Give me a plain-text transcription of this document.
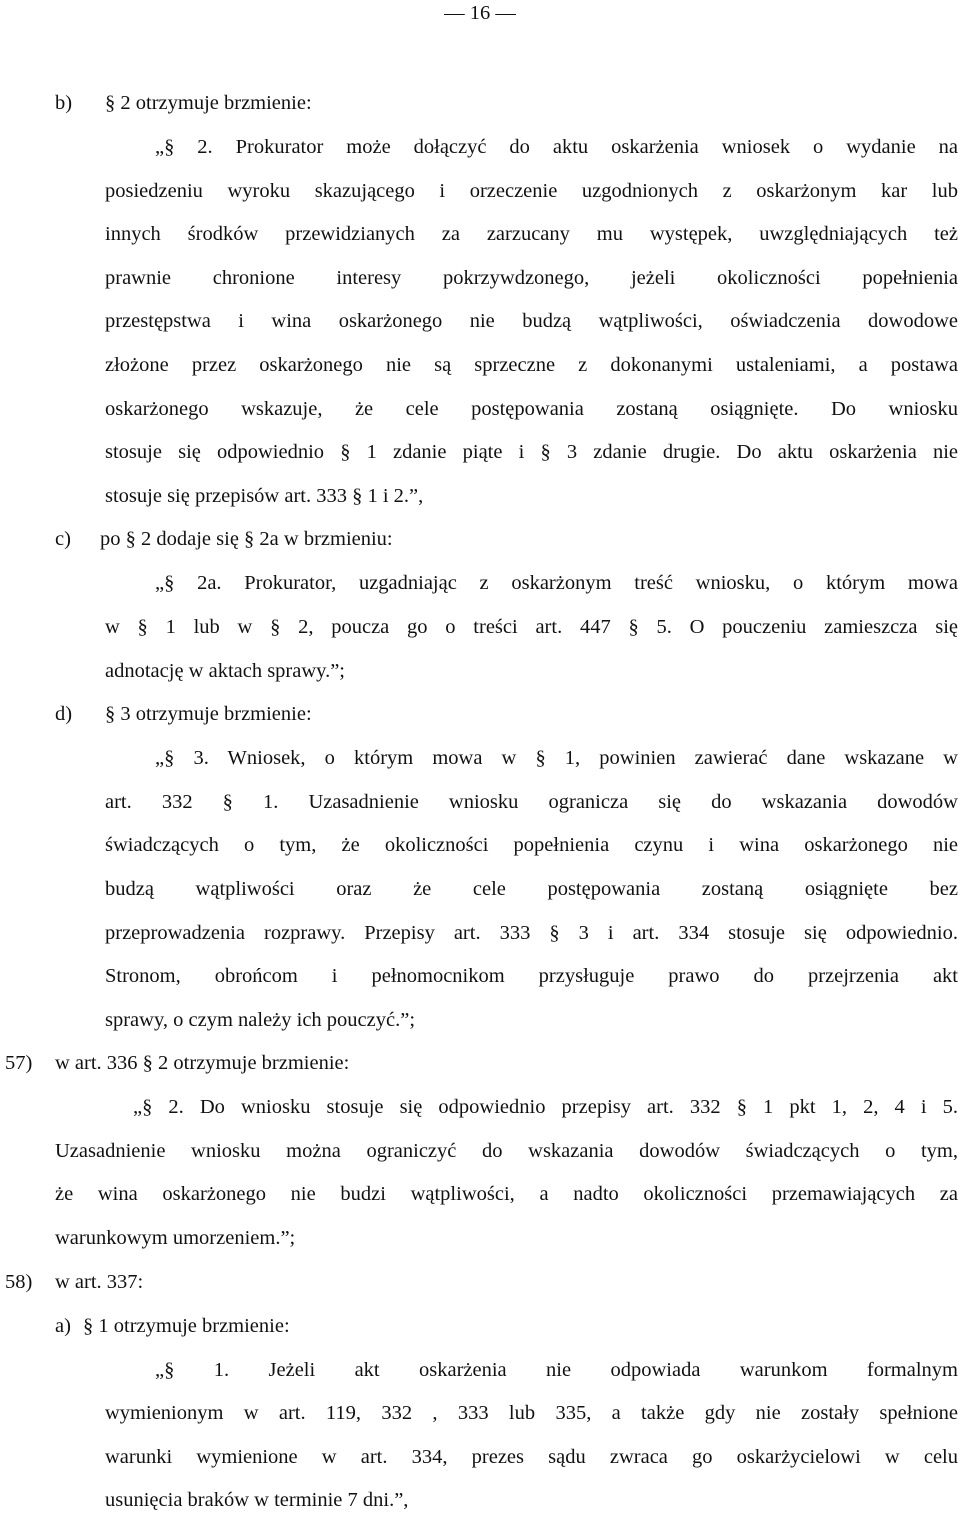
— 16 —
b) § 2 otrzymuje brzmienie:
„§ 2. Prokurator może dołączyć do aktu oskarżenia wniosek o wydanie na
posiedzeniu wyroku skazującego i orzeczenie uzgodnionych z oskarżonym kar lub
innych środków przewidzianych za zarzucany mu występek, uwzględniających też
prawnie chronione interesy pokrzywdzonego, jeżeli okoliczności popełnienia
przestępstwa i wina oskarżonego nie budzą wątpliwości, oświadczenia dowodowe
złożone przez oskarżonego nie są sprzeczne z dokonanymi ustaleniami, a postawa
oskarżonego wskazuje, że cele postępowania zostaną osiągnięte. Do wniosku
stosuje się odpowiednio § 1 zdanie piąte i § 3 zdanie drugie. Do aktu oskarżenia nie
stosuje się przepisów art. 333 § 1 i 2.”,
c) po § 2 dodaje się § 2a w brzmieniu:
„§ 2a. Prokurator, uzgadniając z oskarżonym treść wniosku, o którym mowa
w § 1 lub w § 2, poucza go o treści art. 447 § 5. O pouczeniu zamieszcza się
adnotację w aktach sprawy.”;
d) § 3 otrzymuje brzmienie:
„§ 3. Wniosek, o którym mowa w § 1, powinien zawierać dane wskazane w
art. 332 § 1. Uzasadnienie wniosku ogranicza się do wskazania dowodów
świadczących o tym, że okoliczności popełnienia czynu i wina oskarżonego nie
budzą wątpliwości oraz że cele postępowania zostaną osiągnięte bez
przeprowadzenia rozprawy. Przepisy art. 333 § 3 i art. 334 stosuje się odpowiednio.
Stronom, obrońcom i pełnomocnikom przysługuje prawo do przejrzenia akt
sprawy, o czym należy ich pouczyć.”;
57) w art. 336 § 2 otrzymuje brzmienie:
„§ 2. Do wniosku stosuje się odpowiednio przepisy art. 332 § 1 pkt 1, 2, 4 i 5.
Uzasadnienie wniosku można ograniczyć do wskazania dowodów świadczących o tym,
że wina oskarżonego nie budzi wątpliwości, a nadto okoliczności przemawiających za
warunkowym umorzeniem.”;
58) w art. 337:
a) § 1 otrzymuje brzmienie:
„§ 1. Jeżeli akt oskarżenia nie odpowiada warunkom formalnym
wymienionym w art. 119, 332 , 333 lub 335, a także gdy nie zostały spełnione
warunki wymienione w art. 334, prezes sądu zwraca go oskarżycielowi w celu
usunięcia braków w terminie 7 dni.”,
